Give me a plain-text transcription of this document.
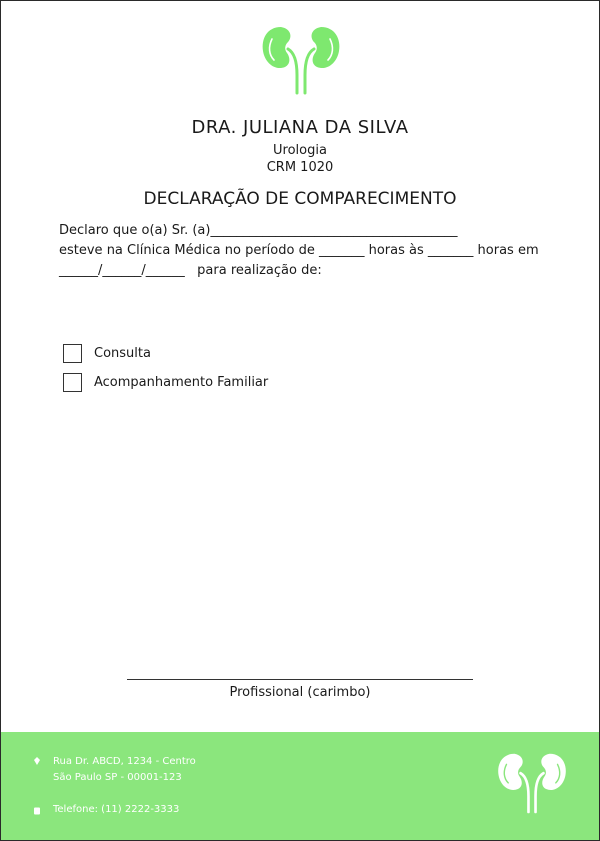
DRA. JULIANA DA SILVA
Urologia
CRM 1020
DECLARAÇÃO DE COMPARECIMENTO
Declaro que o(a) Sr. (a)______________________________________
esteve na Clínica Médica no período de _______ horas às _______ horas em
______/______/______ para realização de:
Consulta
Acompanhamento Familiar
Profissional (carimbo)
Rua Dr. ABCD, 1234 - Centro
São Paulo SP - 00001-123
Telefone: (11) 2222-3333
